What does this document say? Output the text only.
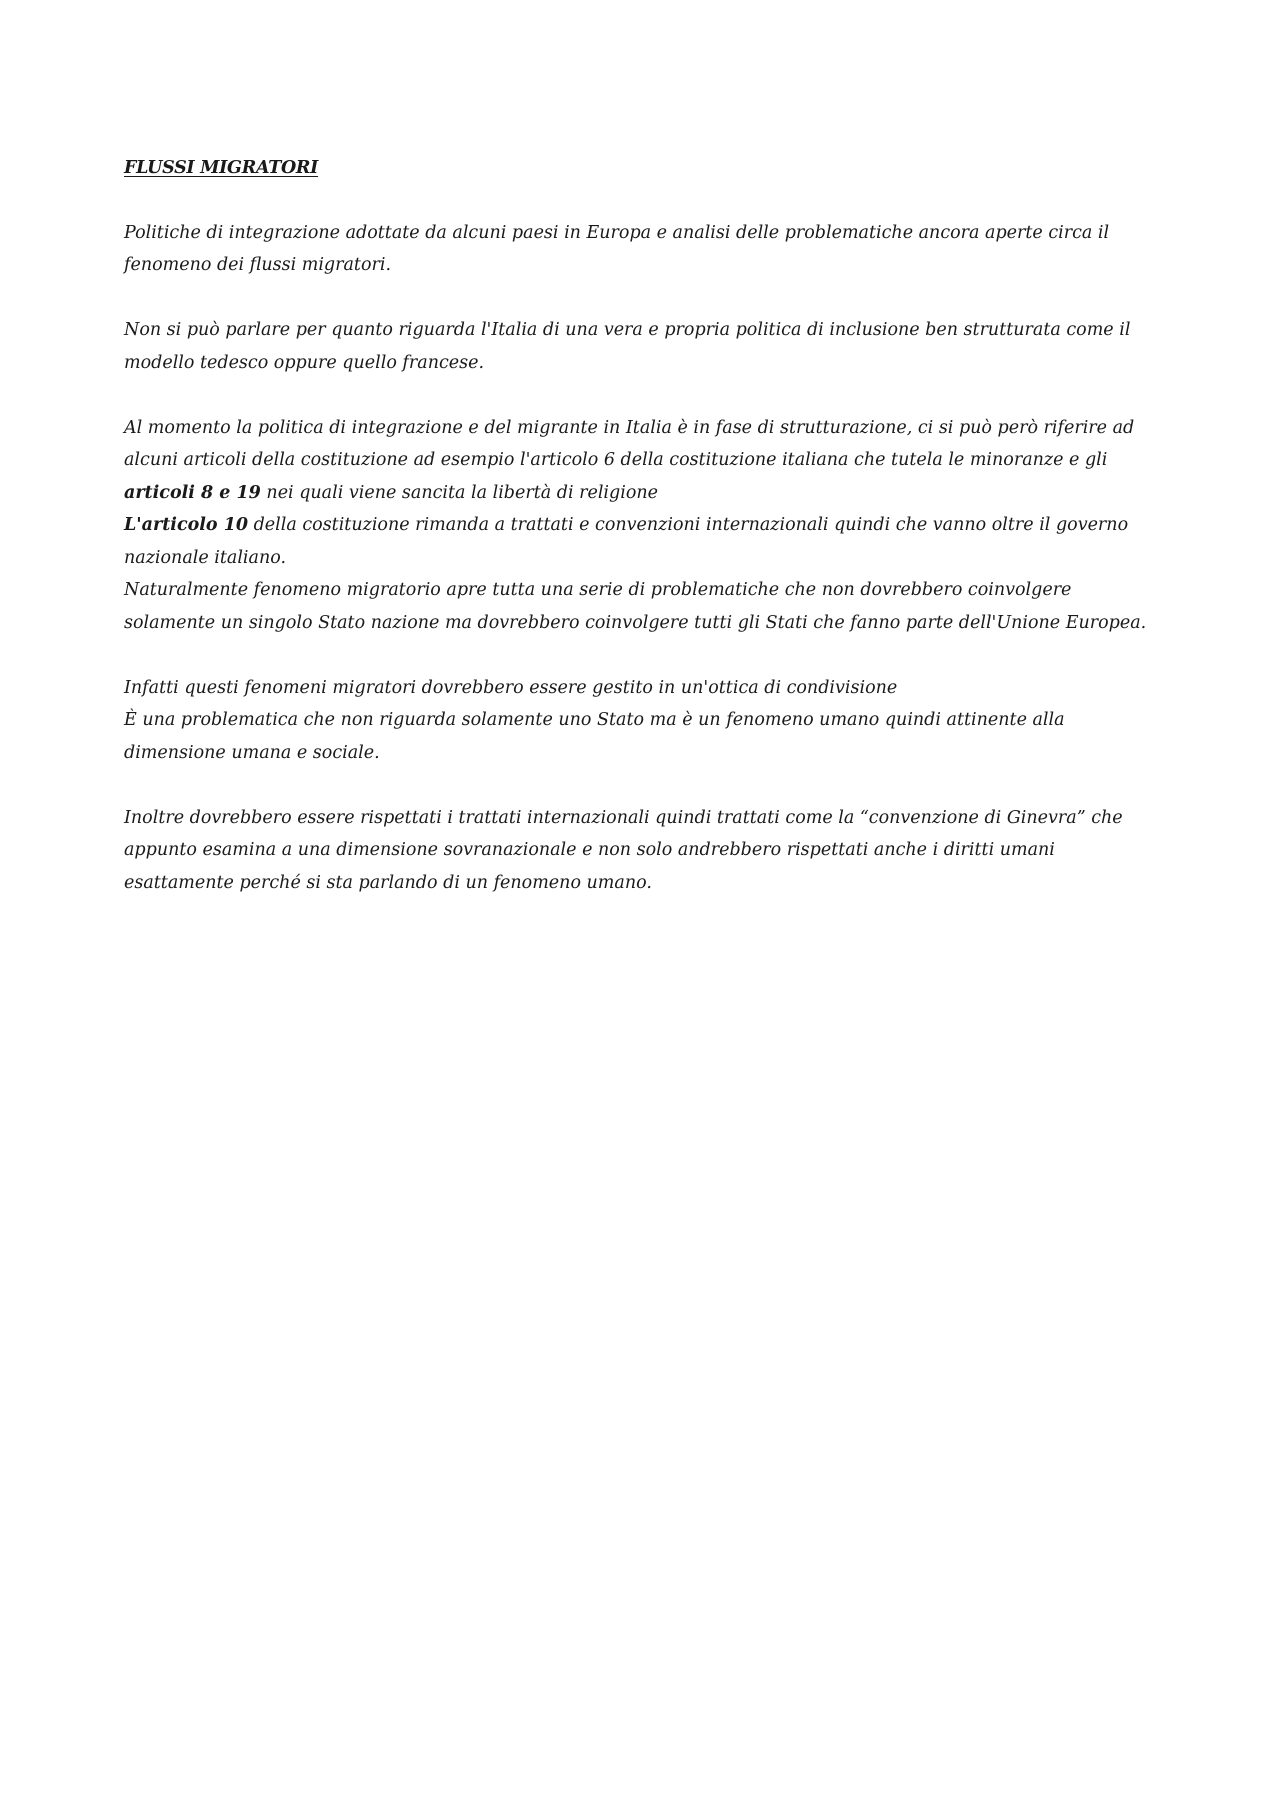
FLUSSI MIGRATORI
Politiche di integrazione adottate da alcuni paesi in Europa e analisi delle problematiche ancora aperte circa il fenomeno dei flussi migratori.
Non si può parlare per quanto riguarda l'Italia di una vera e propria politica di inclusione ben strutturata come il modello tedesco oppure quello francese.
Al momento la politica di integrazione e del migrante in Italia è in fase di strutturazione, ci si può però riferire ad alcuni articoli della costituzione ad esempio l'articolo 6 della costituzione italiana che tutela le minoranze e gli articoli 8 e 19 nei quali viene sancita la libertà di religione
L'articolo 10 della costituzione rimanda a trattati e convenzioni internazionali quindi che vanno oltre il governo nazionale italiano.
Naturalmente fenomeno migratorio apre tutta una serie di problematiche che non dovrebbero coinvolgere solamente un singolo Stato nazione ma dovrebbero coinvolgere tutti gli Stati che fanno parte dell'Unione Europea.
Infatti questi fenomeni migratori dovrebbero essere gestito in un'ottica di condivisione
È una problematica che non riguarda solamente uno Stato ma è un fenomeno umano quindi attinente alla dimensione umana e sociale.
Inoltre dovrebbero essere rispettati i trattati internazionali quindi trattati come la “convenzione di Ginevra” che appunto esamina a una dimensione sovranazionale e non solo andrebbero rispettati anche i diritti umani esattamente perché si sta parlando di un fenomeno umano.
